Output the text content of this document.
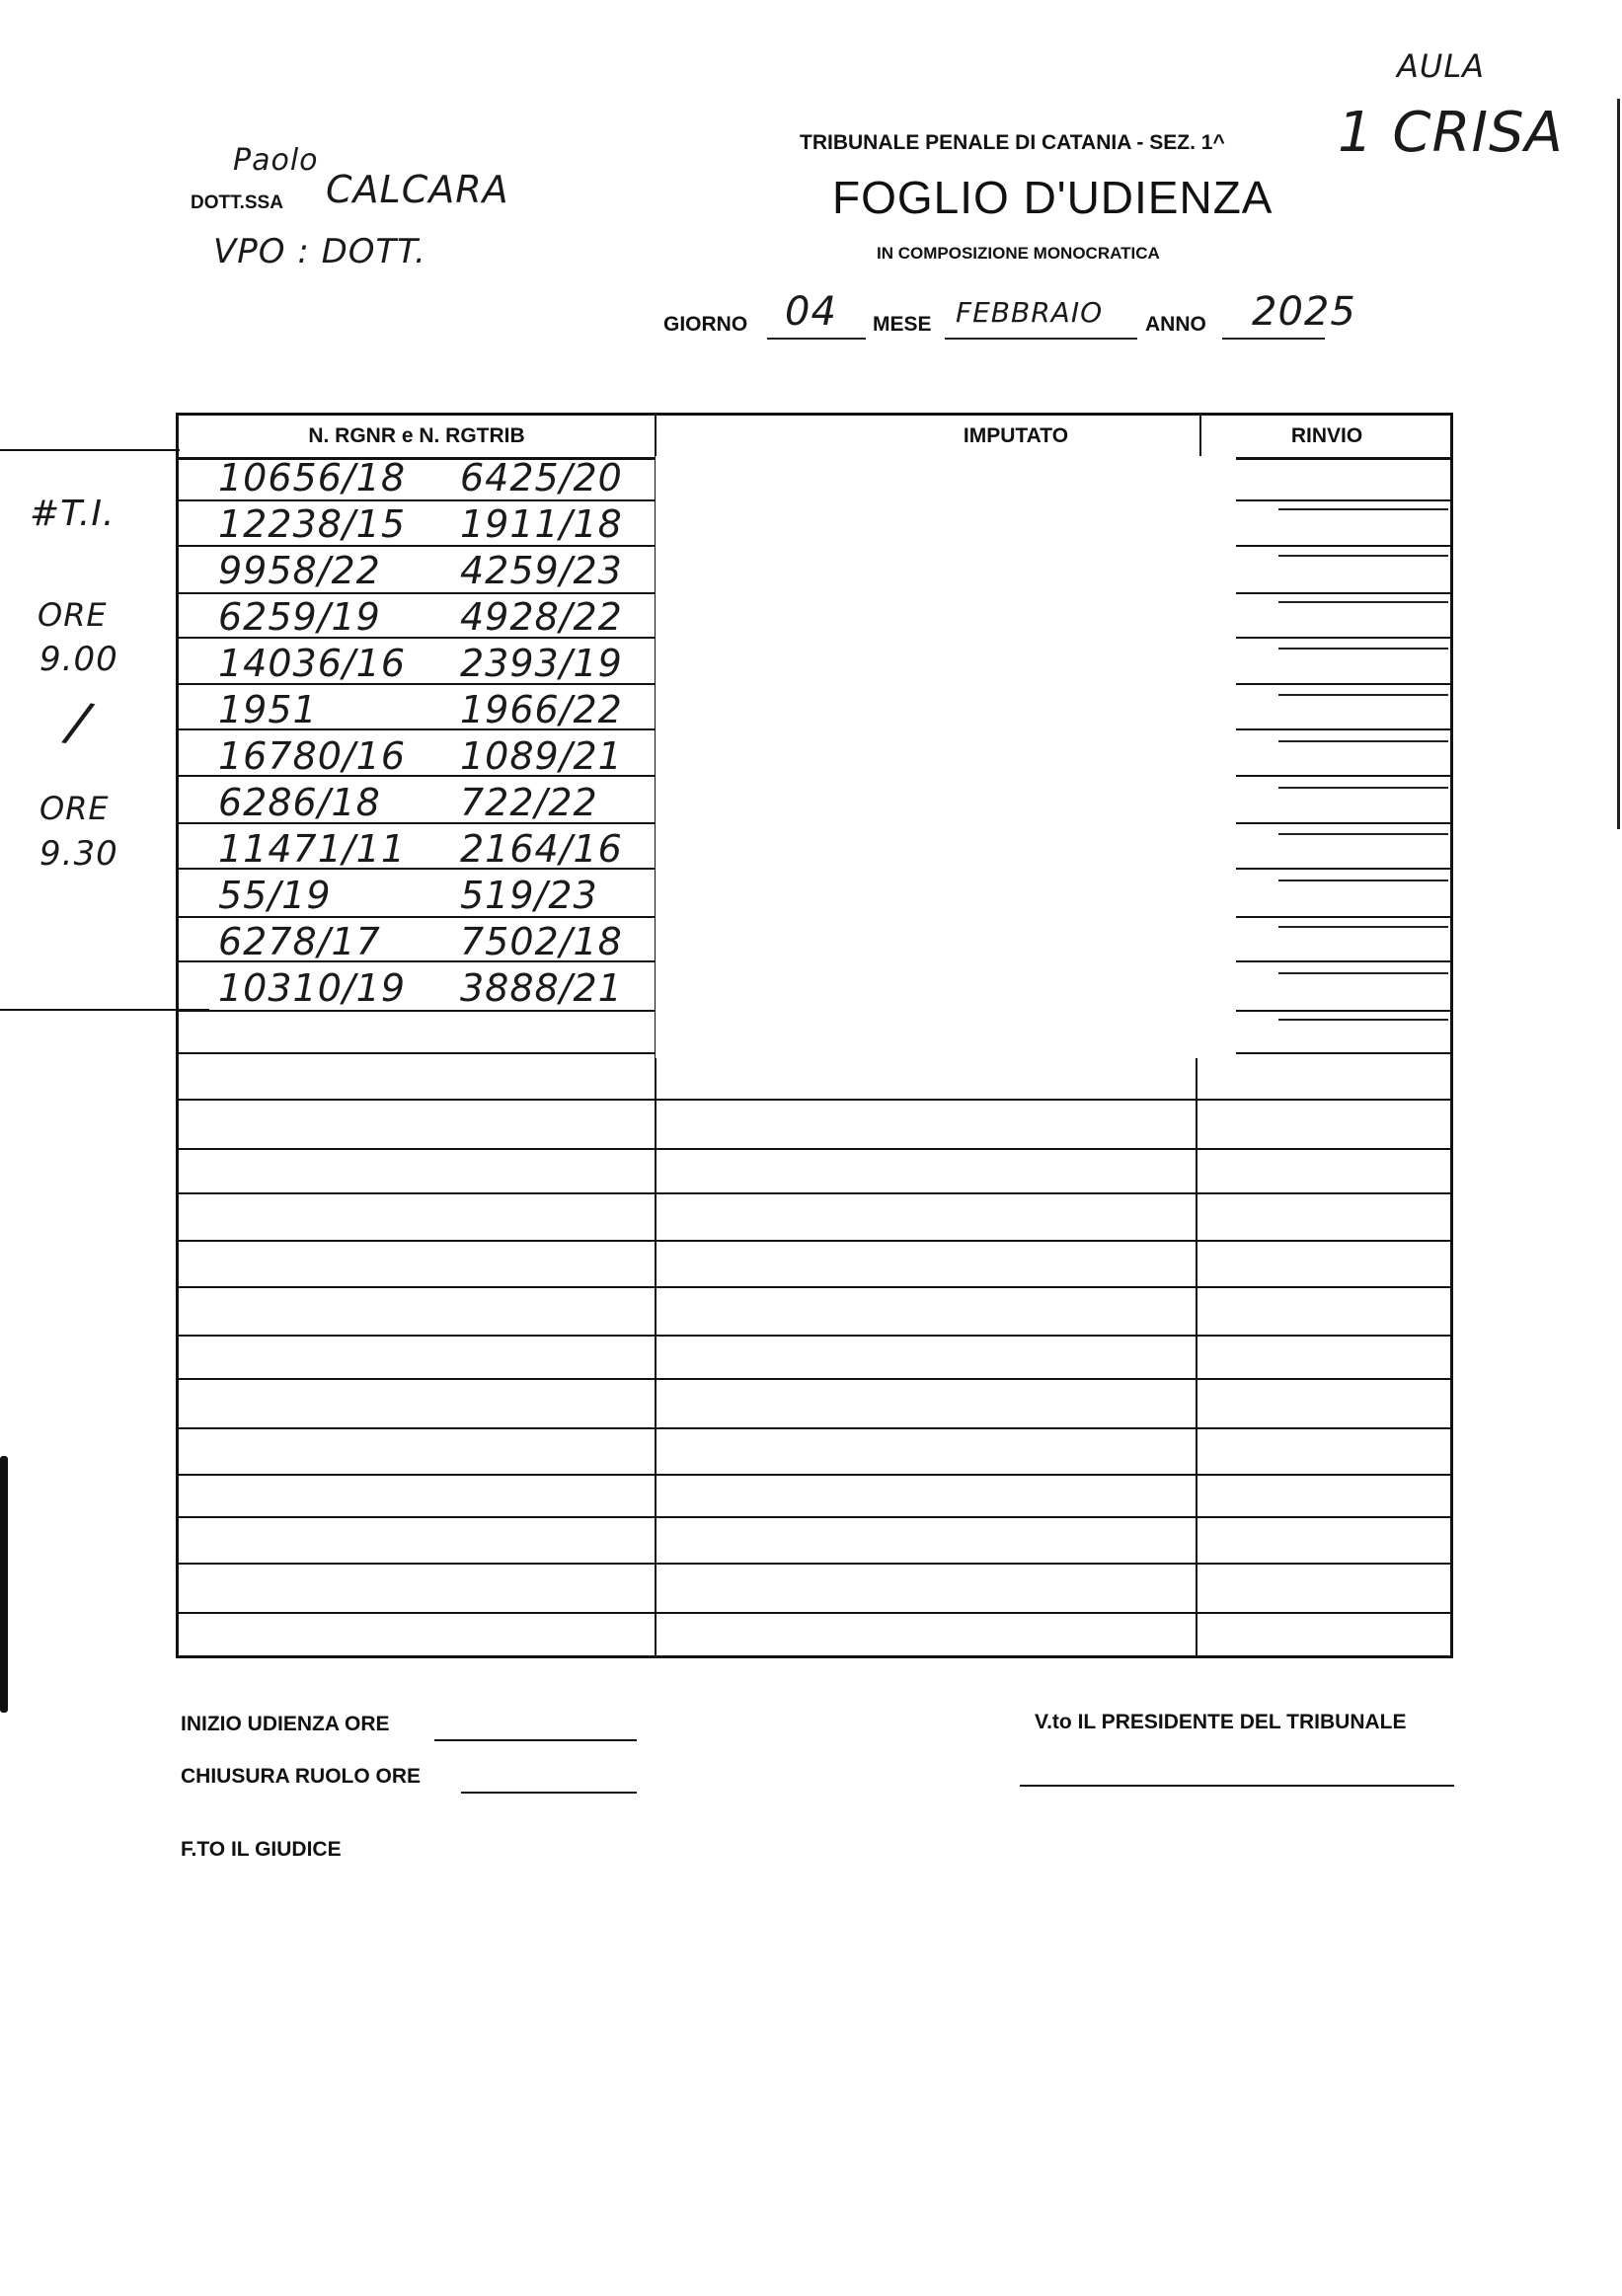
Paolo
DOTT.SSA CALCARA
VPO : DOTT.
AULA
1 CRISA
TRIBUNALE PENALE DI CATANIA - SEZ. 1^
FOGLIO D'UDIENZA
IN COMPOSIZIONE MONOCRATICA
GIORNO 04 MESE FEBBRAIO ANNO 2025
#T.I.
ORE
9.00
/
ORE
9.30
N. RGNR e N. RGTRIB	IMPUTATO	RINVIO
10656/18 6425/20
12238/15 1911/18
9958/22 4259/23
6259/19 4928/22
14036/16 2393/19
1951	1966/22
16780/16 1089/21
6286/18 722/22
11471/11 2164/16
55/19	519/23
6278/17 7502/18
10310/19 3888/21
INIZIO UDIENZA ORE
CHIUSURA RUOLO ORE
V.to IL PRESIDENTE DEL TRIBUNALE
F.TO IL GIUDICE
